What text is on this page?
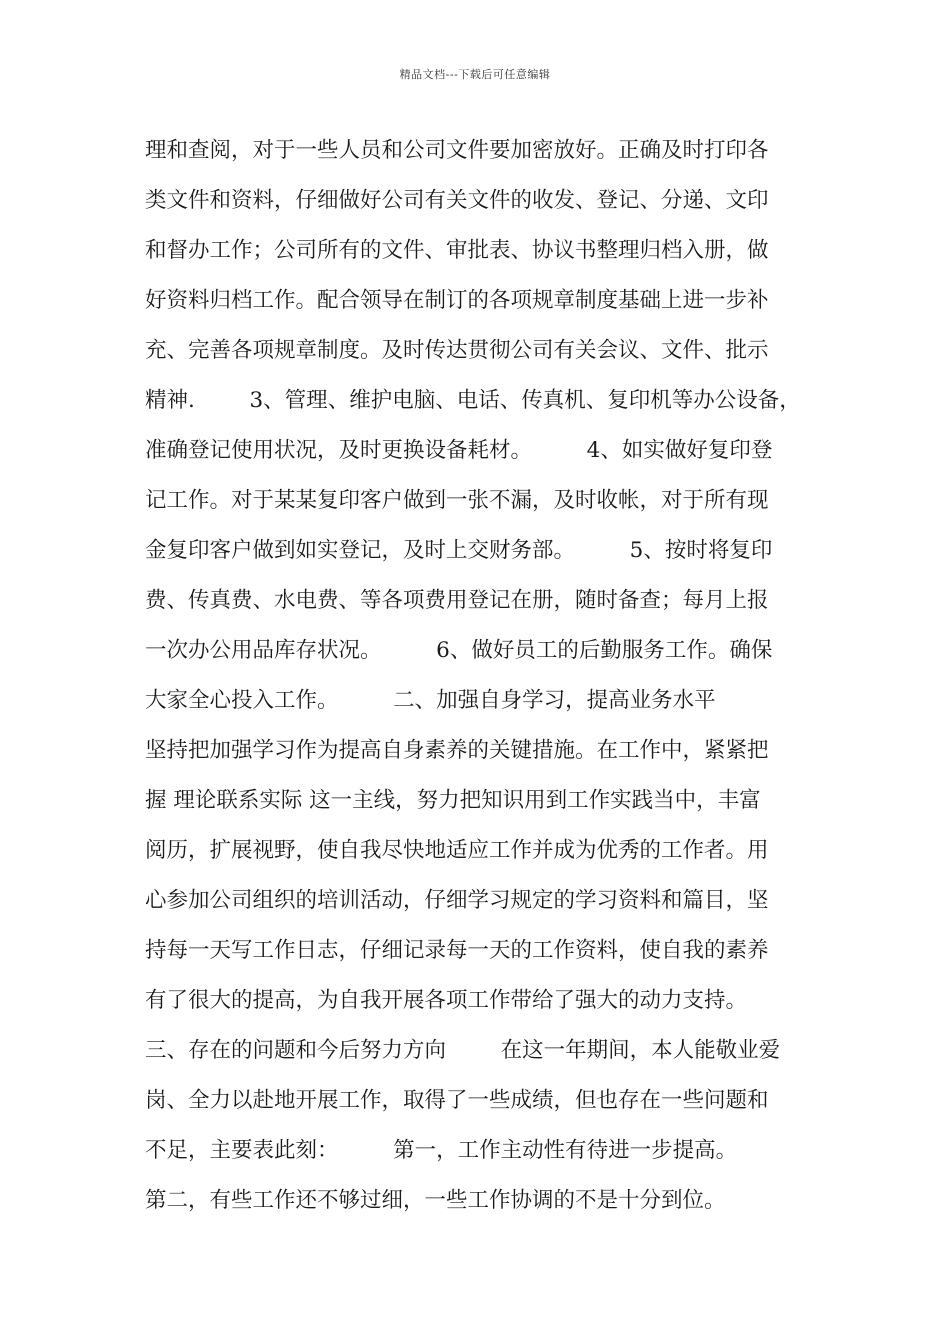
精品文档---下载后可任意编辑
理和查阅，对于一些人员和公司文件要加密放好。正确及时打印各
类文件和资料，仔细做好公司有关文件的收发、登记、分递、文印
和督办工作；公司所有的文件、审批表、协议书整理归档入册，做
好资料归档工作。配合领导在制订的各项规章制度基础上进一步补
充、完善各项规章制度。及时传达贯彻公司有关会议、文件、批示
精神.        3、管理、维护电脑、电话、传真机、复印机等办公设备，
准确登记使用状况，及时更换设备耗材。        4、如实做好复印登
记工作。对于某某复印客户做到一张不漏，及时收帐，对于所有现
金复印客户做到如实登记，及时上交财务部。        5、按时将复印
费、传真费、水电费、等各项费用登记在册，随时备查；每月上报
一次办公用品库存状况。        6、做好员工的后勤服务工作。确保
大家全心投入工作。        二、加强自身学习，提高业务水平
坚持把加强学习作为提高自身素养的关键措施。在工作中，紧紧把
握 理论联系实际 这一主线，努力把知识用到工作实践当中，丰富
阅历，扩展视野，使自我尽快地适应工作并成为优秀的工作者。用
心参加公司组织的培训活动，仔细学习规定的学习资料和篇目，坚
持每一天写工作日志，仔细记录每一天的工作资料，使自我的素养
有了很大的提高，为自我开展各项工作带给了强大的动力支持。
三、存在的问题和今后努力方向        在这一年期间，本人能敬业爱
岗、全力以赴地开展工作，取得了一些成绩，但也存在一些问题和
不足，主要表此刻：        第一，工作主动性有待进一步提高。
第二，有些工作还不够过细，一些工作协调的不是十分到位。
